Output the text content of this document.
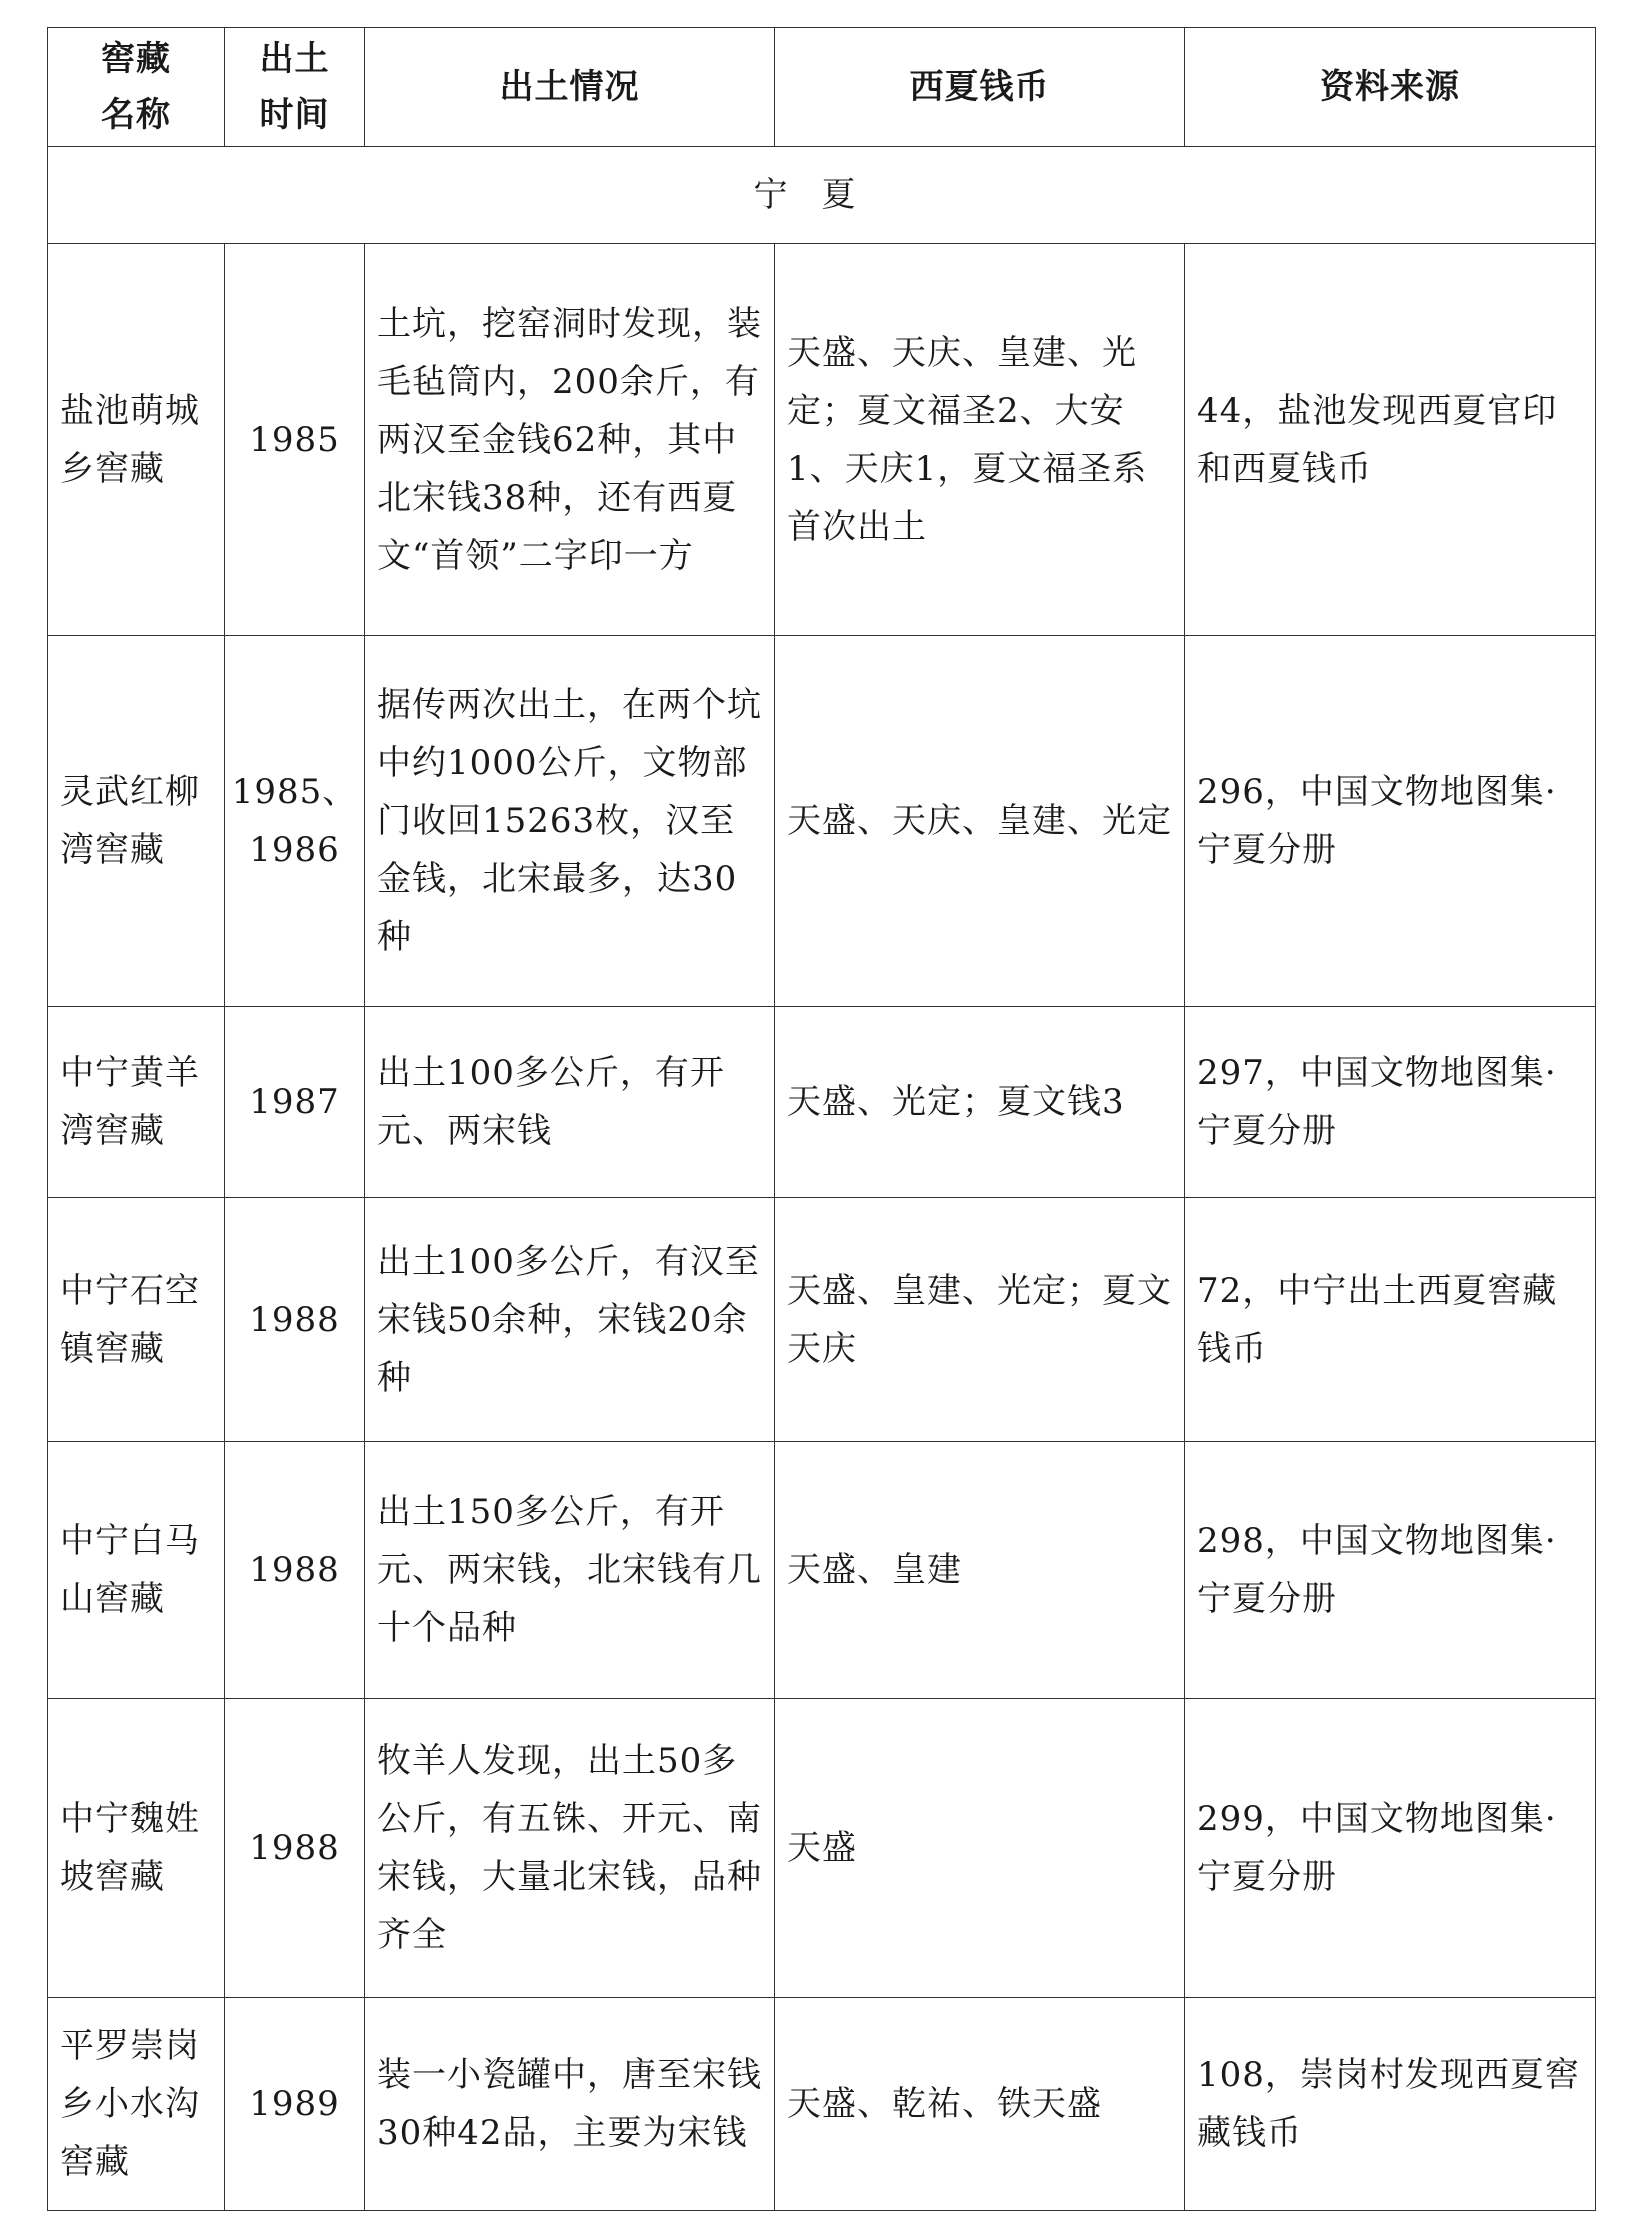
窖藏名称	出土时间	出土情况	西夏钱币	资料来源
宁夏				
盐池萌城乡窖藏	1985	土坑，挖窑洞时发现，装毛毡筒内，200余斤，有两汉至金钱62种，其中北宋钱38种，还有西夏文“首领”二字印一方	天盛、天庆、皇建、光定；夏文福圣2、大安1、天庆1，夏文福圣系首次出土	44，盐池发现西夏官印和西夏钱币
灵武红柳湾窖藏	1985、1986	据传两次出土，在两个坑中约1000公斤，文物部门收回15263枚，汉至金钱，北宋最多，达30种	天盛、天庆、皇建、光定	296，中国文物地图集·宁夏分册
中宁黄羊湾窖藏	1987	出土100多公斤，有开元、两宋钱	天盛、光定；夏文钱3	297，中国文物地图集·宁夏分册
中宁石空镇窖藏	1988	出土100多公斤，有汉至宋钱50余种，宋钱20余种	天盛、皇建、光定；夏文天庆	72，中宁出土西夏窖藏钱币
中宁白马山窖藏	1988	出土150多公斤，有开元、两宋钱，北宋钱有几十个品种	天盛、皇建	298，中国文物地图集·宁夏分册
中宁魏姓坡窖藏	1988	牧羊人发现，出土50多公斤，有五铢、开元、南宋钱，大量北宋钱，品种齐全	天盛	299，中国文物地图集·宁夏分册
平罗崇岗乡小水沟窖藏	1989	装一小瓷罐中，唐至宋钱30种42品，主要为宋钱	天盛、乾祐、铁天盛	108，崇岗村发现西夏窖藏钱币
